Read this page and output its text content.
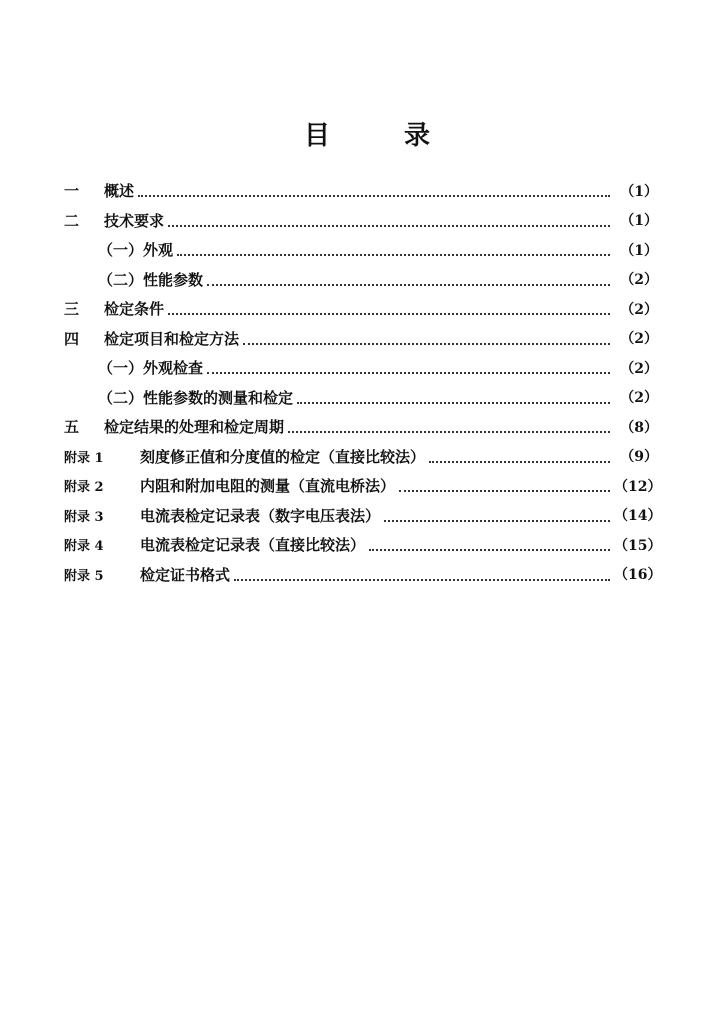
目	录
一	概述	（1）
二	技术要求	（1）
（一）外观	（1）
（二）性能参数	（2）
三	检定条件	（2）
四	检定项目和检定方法	（2）
（一）外观检查	（2）
（二）性能参数的测量和检定	（2）
五	检定结果的处理和检定周期	（8）
附录 1	刻度修正值和分度值的检定（直接比较法）	（9）
附录 2	内阻和附加电阻的测量（直流电桥法）	（12）
附录 3	电流表检定记录表（数字电压表法）	（14）
附录 4	电流表检定记录表（直接比较法）	（15）
附录 5	检定证书格式	（16）
